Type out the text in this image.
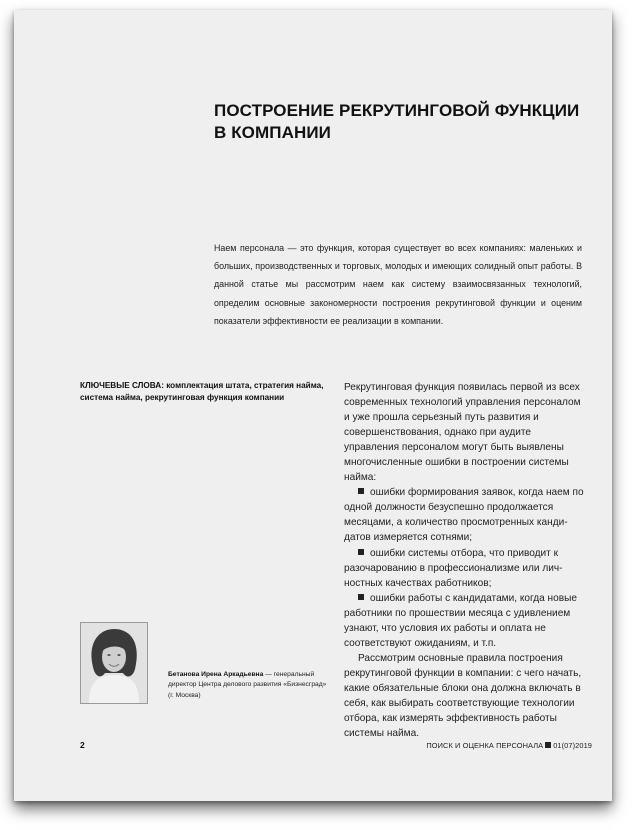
ПОСТРОЕНИЕ РЕКРУТИНГОВОЙ ФУНКЦИИ
В КОМПАНИИ

Наем персонала — это функция, которая существует во всех компаниях: маленьких и больших, производственных и торговых, молодых и имеющих солидный опыт работы. В данной статье мы рассмотрим наем как систему взаимосвязанных технологий, определим основные закономерности построения рекрутинговой функции и оценим показатели эффективности ее реализации в компании.

КЛЮЧЕВЫЕ СЛОВА: комплектация штата, стратегия найма, система найма, рекрутинговая функция компании

Рекрутинговая функция появилась первой из всех современных технологий управления персоналом и уже прошла серьезный путь развития и совершенствования, однако при аудите управления персоналом могут быть выявлены многочисленные ошибки в построении системы найма:

ошибки формирования заявок, когда наем по одной должности безуспешно продолжается месяцами, а количество просмотренных кандидатов измеряется сотнями;

ошибки системы отбора, что приводит к разочарованию в профессионализме или личностных качествах работников;

ошибки работы с кандидатами, когда новые работники по прошествии месяца с удивлением узнают, что условия их работы и оплата не соответствуют ожиданиям, и т.п.

Рассмотрим основные правила построения рекрутинговой функции в компании: с чего начать, какие обязательные блоки она должна включать в себя, как выбирать соответствующие технологии отбора, как измерять эффективность работы системы найма.

Бетанова Ирена Аркадьевна — генеральный директор Центра делового развития «Бизнесград» (г. Москва)

2	ПОИСК И ОЦЕНКА ПЕРСОНАЛА 01(07)2019
